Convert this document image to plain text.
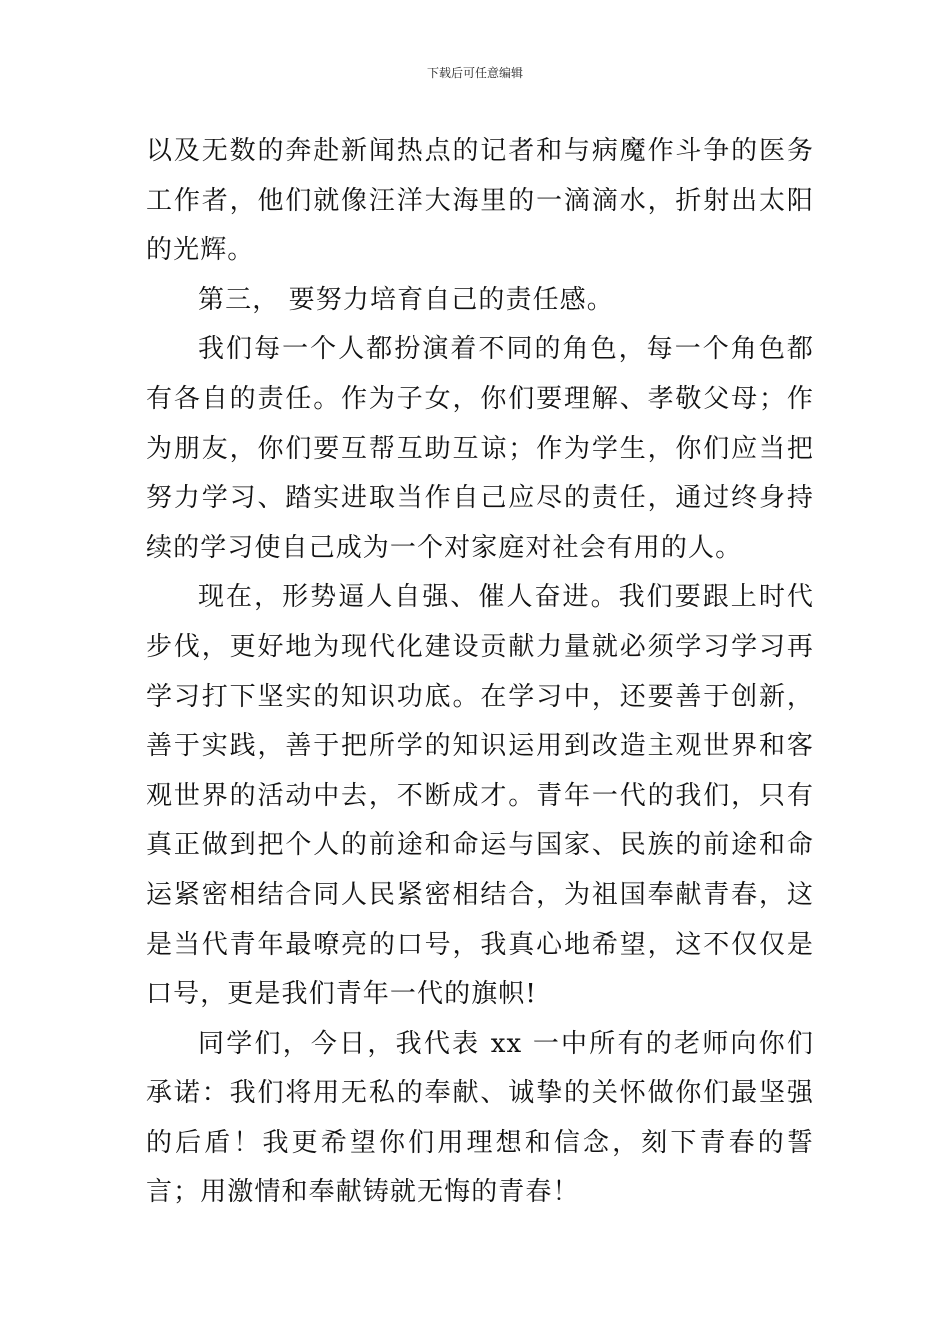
下载后可任意编辑

以及无数的奔赴新闻热点的记者和与病魔作斗争的医务工作者，他们就像汪洋大海里的一滴滴水，折射出太阳的光辉。

第三， 要努力培育自己的责任感。

我们每一个人都扮演着不同的角色，每一个角色都有各自的责任。作为子女，你们要理解、孝敬父母；作为朋友，你们要互帮互助互谅；作为学生，你们应当把努力学习、踏实进取当作自己应尽的责任，通过终身持续的学习使自己成为一个对家庭对社会有用的人。

现在，形势逼人自强、催人奋进。我们要跟上时代步伐，更好地为现代化建设贡献力量就必须学习学习再学习打下坚实的知识功底。在学习中，还要善于创新，善于实践，善于把所学的知识运用到改造主观世界和客观世界的活动中去，不断成才。青年一代的我们，只有真正做到把个人的前途和命运与国家、民族的前途和命运紧密相结合同人民紧密相结合，为祖国奉献青春，这是当代青年最嘹亮的口号，我真心地希望，这不仅仅是口号，更是我们青年一代的旗帜!

同学们，今日，我代表 xx 一中所有的老师向你们承诺：我们将用无私的奉献、诚挚的关怀做你们最坚强的后盾！我更希望你们用理想和信念，刻下青春的誓言；用激情和奉献铸就无悔的青春！
